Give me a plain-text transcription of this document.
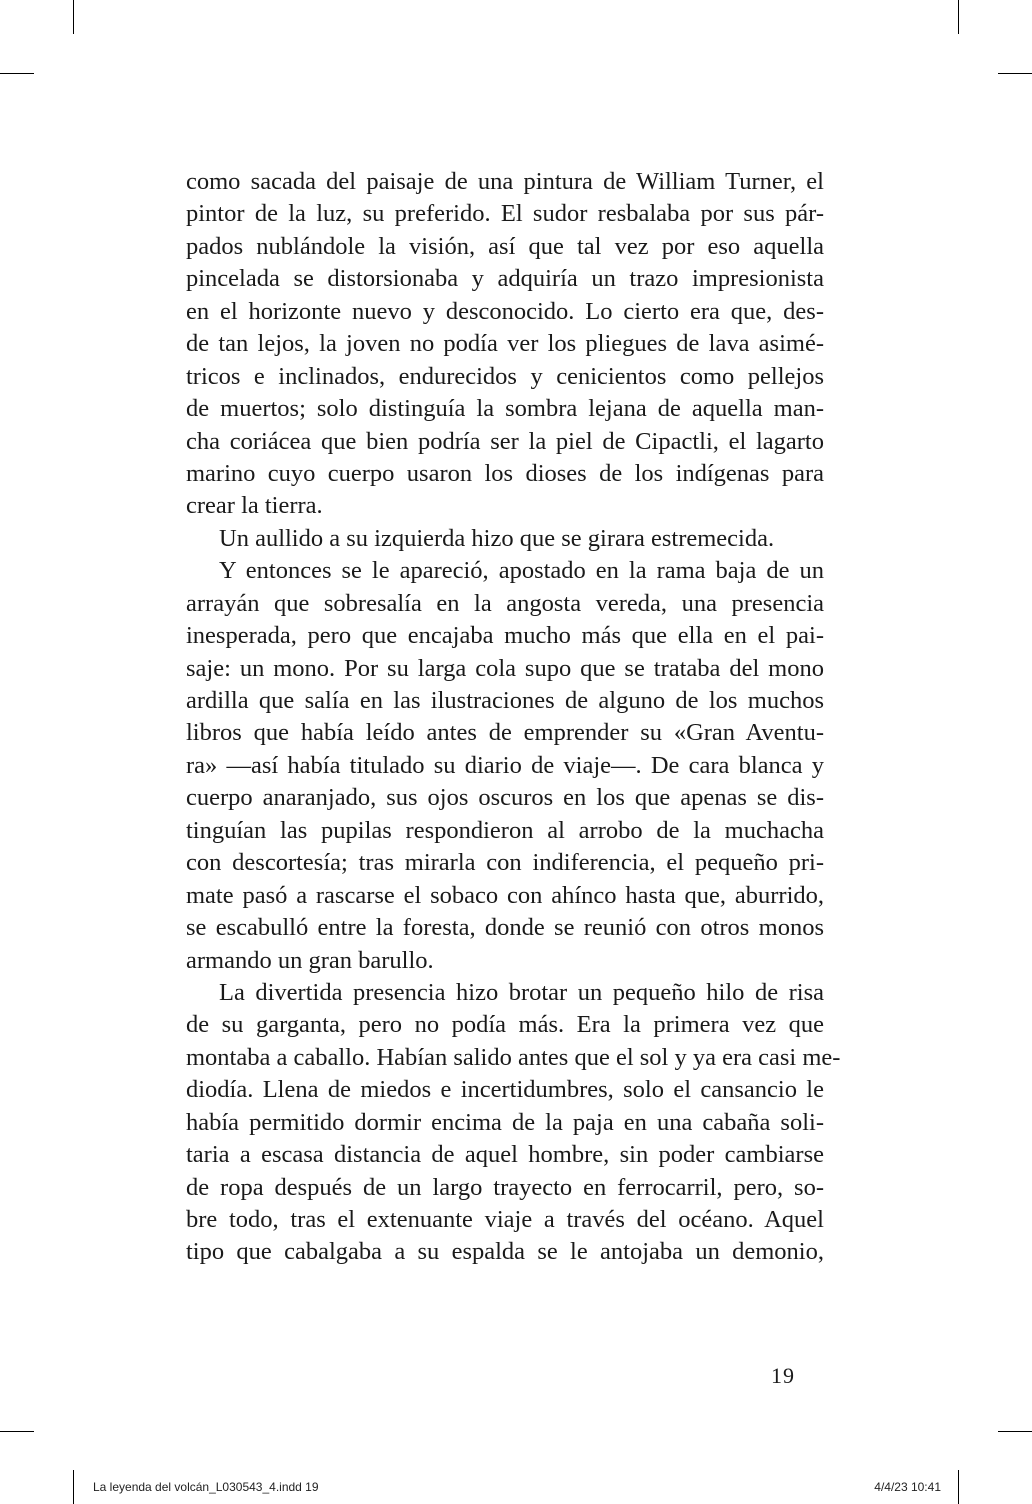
como sacada del paisaje de una pintura de William Turner, el
pintor de la luz, su preferido. El sudor resbalaba por sus pár-
pados nublándole la visión, así que tal vez por eso aquella
pincelada se distorsionaba y adquiría un trazo impresionista
en el horizonte nuevo y desconocido. Lo cierto era que, des-
de tan lejos, la joven no podía ver los pliegues de lava asimé-
tricos e inclinados, endurecidos y cenicientos como pellejos
de muertos; solo distinguía la sombra lejana de aquella man-
cha coriácea que bien podría ser la piel de Cipactli, el lagarto
marino cuyo cuerpo usaron los dioses de los indígenas para
crear la tierra.
Un aullido a su izquierda hizo que se girara estremecida.
Y entonces se le apareció, apostado en la rama baja de un
arrayán que sobresalía en la angosta vereda, una presencia
inesperada, pero que encajaba mucho más que ella en el pai-
saje: un mono. Por su larga cola supo que se trataba del mono
ardilla que salía en las ilustraciones de alguno de los muchos
libros que había leído antes de emprender su «Gran Aventu-
ra» —así había titulado su diario de viaje—. De cara blanca y
cuerpo anaranjado, sus ojos oscuros en los que apenas se dis-
tinguían las pupilas respondieron al arrobo de la muchacha
con descortesía; tras mirarla con indiferencia, el pequeño pri-
mate pasó a rascarse el sobaco con ahínco hasta que, aburrido,
se escabulló entre la foresta, donde se reunió con otros monos
armando un gran barullo.
La divertida presencia hizo brotar un pequeño hilo de risa
de su garganta, pero no podía más. Era la primera vez que
montaba a caballo. Habían salido antes que el sol y ya era casi me-
diodía. Llena de miedos e incertidumbres, solo el cansancio le
había permitido dormir encima de la paja en una cabaña soli-
taria a escasa distancia de aquel hombre, sin poder cambiarse
de ropa después de un largo trayecto en ferrocarril, pero, so-
bre todo, tras el extenuante viaje a través del océano. Aquel
tipo que cabalgaba a su espalda se le antojaba un demonio,
19
La leyenda del volcán_L030543_4.indd 19	4/4/23 10:41
